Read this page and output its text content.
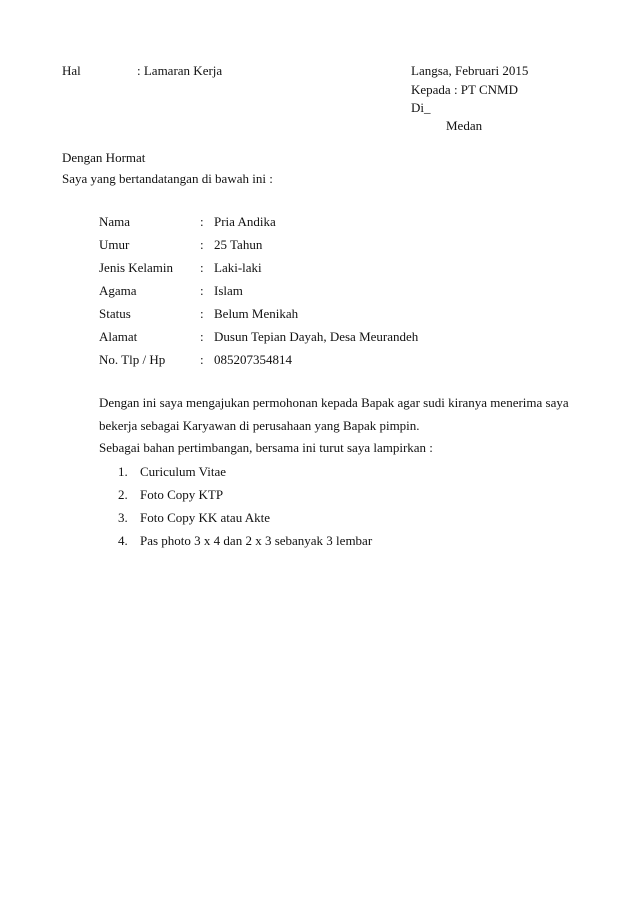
Hal	: Lamaran Kerja	Langsa, Februari 2015
Kepada : PT CNMD
Di_
Medan
Dengan Hormat
Saya yang bertandatangan di bawah ini :
Nama	: Pria Andika
Umur	: 25 Tahun
Jenis Kelamin	: Laki-laki
Agama	: Islam
Status	: Belum Menikah
Alamat	: Dusun Tepian Dayah, Desa Meurandeh
No. Tlp / Hp	: 085207354814
Dengan ini saya mengajukan permohonan kepada Bapak agar sudi kiranya menerima saya
bekerja sebagai Karyawan di perusahaan yang Bapak pimpin.
Sebagai bahan pertimbangan, bersama ini turut saya lampirkan :
1. Curiculum Vitae
2. Foto Copy KTP
3. Foto Copy KK atau Akte
4. Pas photo 3 x 4 dan 2 x 3 sebanyak 3 lembar
